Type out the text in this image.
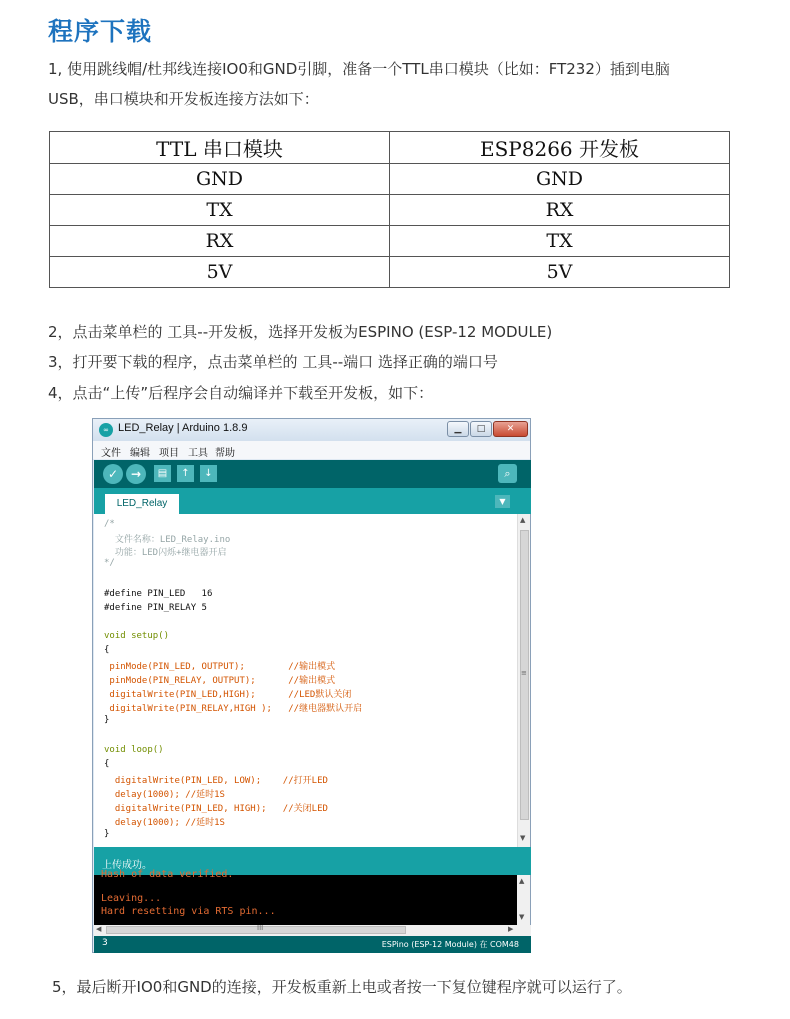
程序下载
1, 使用跳线帽/杜邦线连接IO0和GND引脚，准备一个TTL串口模块（比如：FT232）插到电脑
USB，串口模块和开发板连接方法如下：
TTL 串口模块	ESP8266 开发板
GND	GND
TX	RX
RX	TX
5V	5V
2，点击菜单栏的 工具--开发板，选择开发板为ESPINO (ESP-12 MODULE)
3，打开要下载的程序，点击菜单栏的 工具--端口 选择正确的端口号
4，点击“上传”后程序会自动编译并下载至开发板，如下：
∞ LED_Relay | Arduino 1.8.9	▁	□	✕
文件 编辑 项目 工具 帮助
✓	→	▤	↑	↓	⌕
LED_Relay	▼
/*
文件名称：LED_Relay.ino
功能：LED闪烁+继电器开启
*/
#define PIN_LED   16
#define PIN_RELAY 5
void setup()
{
pinMode(PIN_LED, OUTPUT);        //输出模式
pinMode(PIN_RELAY, OUTPUT);      //输出模式
digitalWrite(PIN_LED,HIGH);      //LED默认关闭
digitalWrite(PIN_RELAY,HIGH );   //继电器默认开启
}
void loop()
{
digitalWrite(PIN_LED, LOW);    //打开LED
delay(1000); //延时1S
digitalWrite(PIN_LED, HIGH);   //关闭LED
delay(1000); //延时1S
}
▲
≡
▼
上传成功。
Hash of data verified.
Leaving...
Hard resetting via RTS pin...
▲
▼
◀	III	▶
3	ESPino (ESP-12 Module) 在 COM48
5，最后断开IO0和GND的连接，开发板重新上电或者按一下复位键程序就可以运行了。
